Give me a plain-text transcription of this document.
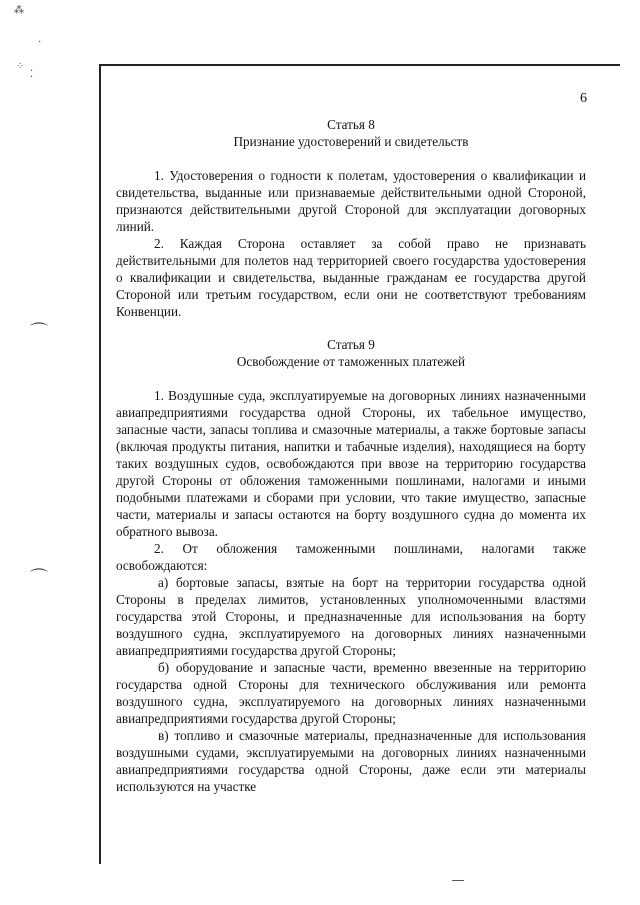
⁂
·
⁘
⁚
⌒
⌒
6
Статья 8
Признание удостоверений и свидетельств

1. Удостоверения о годности к полетам, удостоверения о квалификации и свидетельства, выданные или признаваемые действительными одной Стороной, признаются действительными другой Стороной для эксплуатации договорных линий.

2. Каждая Сторона оставляет за собой право не признавать действительными для полетов над территорией своего государства удостоверения о квалификации и свидетельства, выданные гражданам ее государства другой Стороной или третьим государством, если они не соответствуют требованиям Конвенции.

Статья 9
Освобождение от таможенных платежей

1. Воздушные суда, эксплуатируемые на договорных линиях назначенными авиапредприятиями государства одной Стороны, их табельное имущество, запасные части, запасы топлива и смазочные материалы, а также бортовые запасы (включая продукты питания, напитки и табачные изделия), находящиеся на борту таких воздушных судов, освобождаются при ввозе на территорию государства другой Стороны от обложения таможенными пошлинами, налогами и иными подобными платежами и сборами при условии, что такие имущество, запасные части, материалы и запасы остаются на борту воздушного судна до момента их обратного вывоза.

2. От обложения таможенными пошлинами, налогами также освобождаются:

а) бортовые запасы, взятые на борт на территории государства одной Стороны в пределах лимитов, установленных уполномоченными властями государства этой Стороны, и предназначенные для использования на борту воздушного судна, эксплуатируемого на договорных линиях назначенными авиапредприятиями государства другой Стороны;

б) оборудование и запасные части, временно ввезенные на территорию государства одной Стороны для технического обслуживания или ремонта воздушного судна, эксплуатируемого на договорных линиях назначенными авиапредприятиями государства другой Стороны;

в) топливо и смазочные материалы, предназначенные для использования воздушными судами, эксплуатируемыми на договорных линиях назначенными авиапредприятиями государства одной Стороны, даже если эти материалы используются на участке
